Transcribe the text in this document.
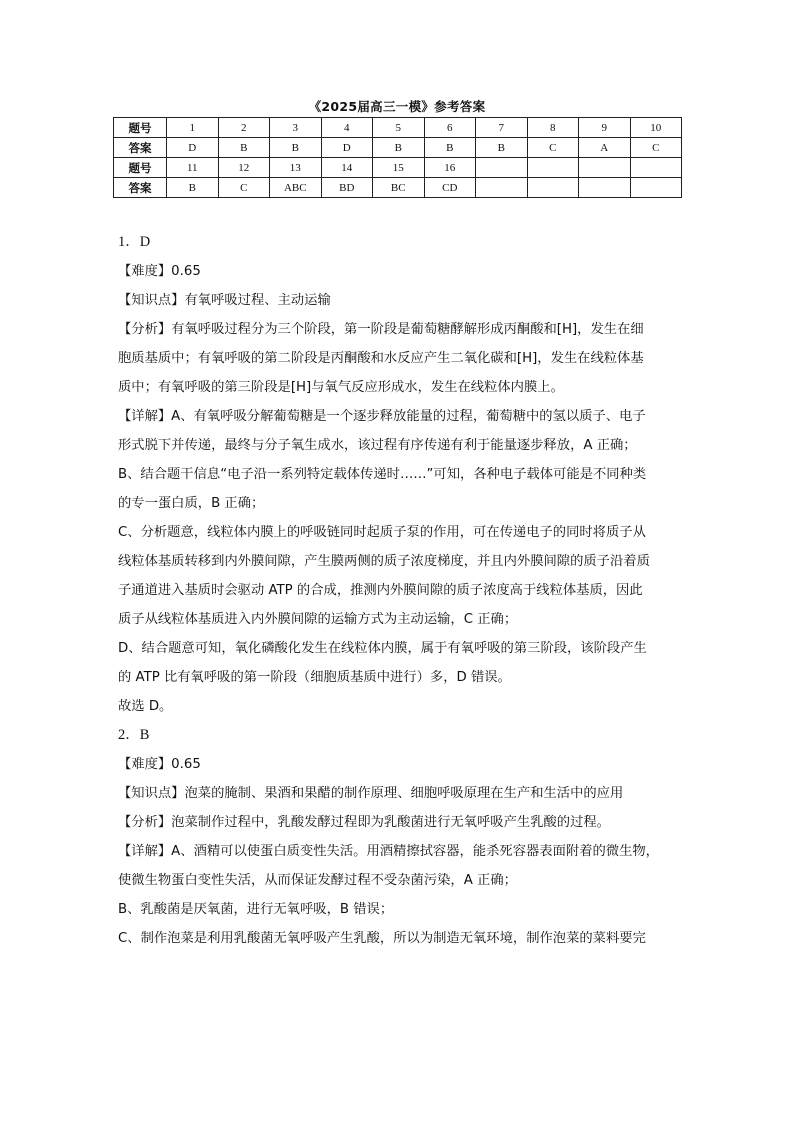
《2025届高三一模》参考答案
题号	1	2	3	4	5	6	7	8	9	10
答案	D	B	B	D	B	B	B	C	A	C
题号	11	12	13	14	15	16				
答案	B	C	ABC	BD	BC	CD				

1．D

【难度】0.65

【知识点】有氧呼吸过程、主动运输

【分析】有氧呼吸过程分为三个阶段，第一阶段是葡萄糖酵解形成丙酮酸和[H]，发生在细

胞质基质中；有氧呼吸的第二阶段是丙酮酸和水反应产生二氧化碳和[H]，发生在线粒体基

质中；有氧呼吸的第三阶段是[H]与氧气反应形成水，发生在线粒体内膜上。

【详解】A、有氧呼吸分解葡萄糖是一个逐步释放能量的过程，葡萄糖中的氢以质子、电子

形式脱下并传递，最终与分子氧生成水，该过程有序传递有利于能量逐步释放，A 正确；

B、结合题干信息“电子沿一系列特定载体传递时……”可知，各种电子载体可能是不同种类

的专一蛋白质，B 正确；

C、分析题意，线粒体内膜上的呼吸链同时起质子泵的作用，可在传递电子的同时将质子从

线粒体基质转移到内外膜间隙，产生膜两侧的质子浓度梯度，并且内外膜间隙的质子沿着质

子通道进入基质时会驱动 ATP 的合成，推测内外膜间隙的质子浓度高于线粒体基质，因此

质子从线粒体基质进入内外膜间隙的运输方式为主动运输，C 正确；

D、结合题意可知，氧化磷酸化发生在线粒体内膜，属于有氧呼吸的第三阶段，该阶段产生

的 ATP 比有氧呼吸的第一阶段（细胞质基质中进行）多，D 错误。

故选 D。

2．B

【难度】0.65

【知识点】泡菜的腌制、果酒和果醋的制作原理、细胞呼吸原理在生产和生活中的应用

【分析】泡菜制作过程中，乳酸发酵过程即为乳酸菌进行无氧呼吸产生乳酸的过程。

【详解】A、酒精可以使蛋白质变性失活。用酒精擦拭容器，能杀死容器表面附着的微生物，

使微生物蛋白变性失活，从而保证发酵过程不受杂菌污染，A 正确；

B、乳酸菌是厌氧菌，进行无氧呼吸，B 错误；

C、制作泡菜是利用乳酸菌无氧呼吸产生乳酸，所以为制造无氧环境，制作泡菜的菜料要完
